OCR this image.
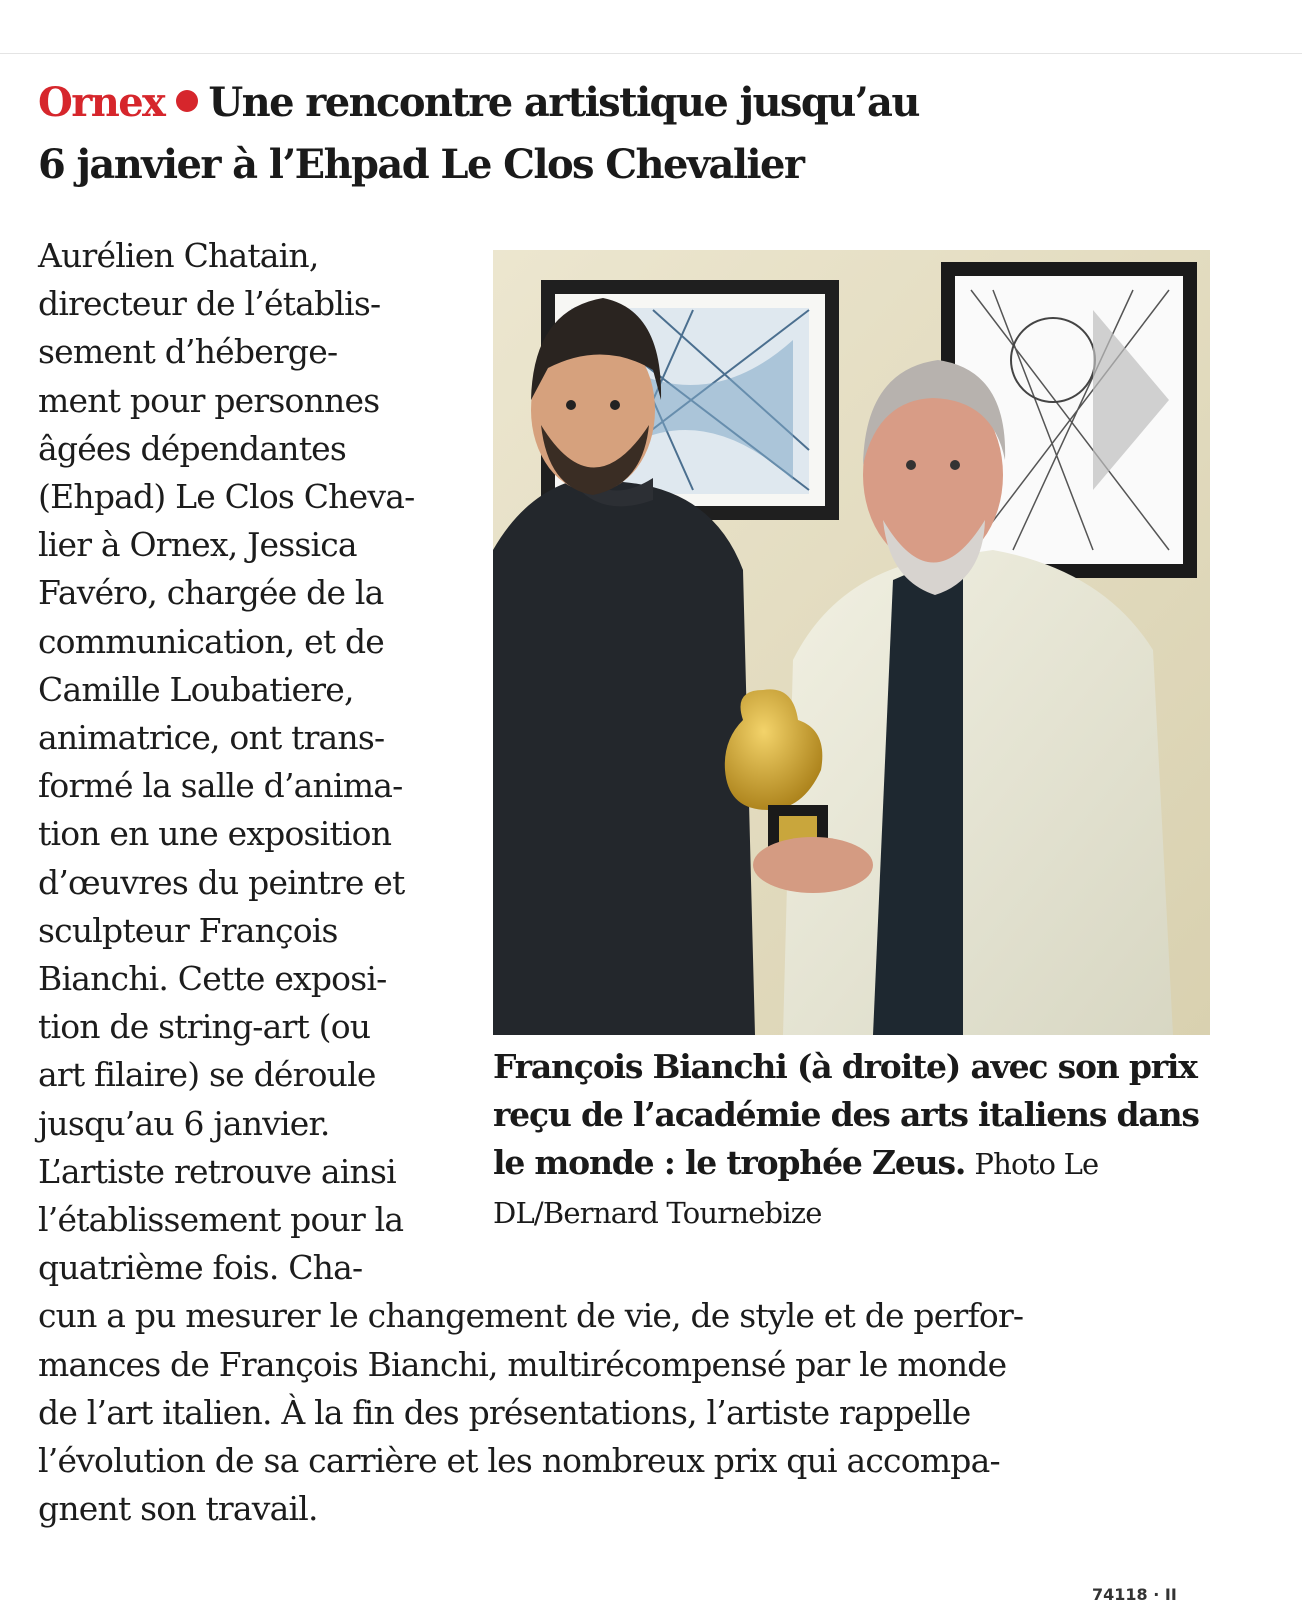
Ornex Une rencontre artistique jusqu’au
6 janvier à l’Ehpad Le Clos Chevalier

Aurélien Chatain,

directeur de l’établis-

sement d’hébergе-

ment pour personnes

âgées dépendantes

(Ehpad) Le Clos Cheva-

lier à Ornex, Jessica

Favéro, chargée de la

communication, et de

Camille Loubatiere,

animatrice, ont trans-

formé la salle d’anima-

tion en une exposition

d’œuvres du peintre et

sculpteur François

Bianchi. Cette exposi-

tion de string-art (ou

art filaire) se déroule

jusqu’au 6 janvier.

L’artiste retrouve ainsi

l’établissement pour la

quatrième fois. Cha-

cun a pu mesurer le changement de vie, de style et de perfor-

mances de François Bianchi, multirécompensé par le monde

de l’art italien. À la fin des présentations, l’artiste rappelle

l’évolution de sa carrière et les nombreux prix qui accompa-

gnent son travail.

François Bianchi (à droite) avec son prix reçu de l’académie des arts italiens dans le monde : le trophée Zeus. Photo Le DL/Bernard Tournebize

74118 · II
